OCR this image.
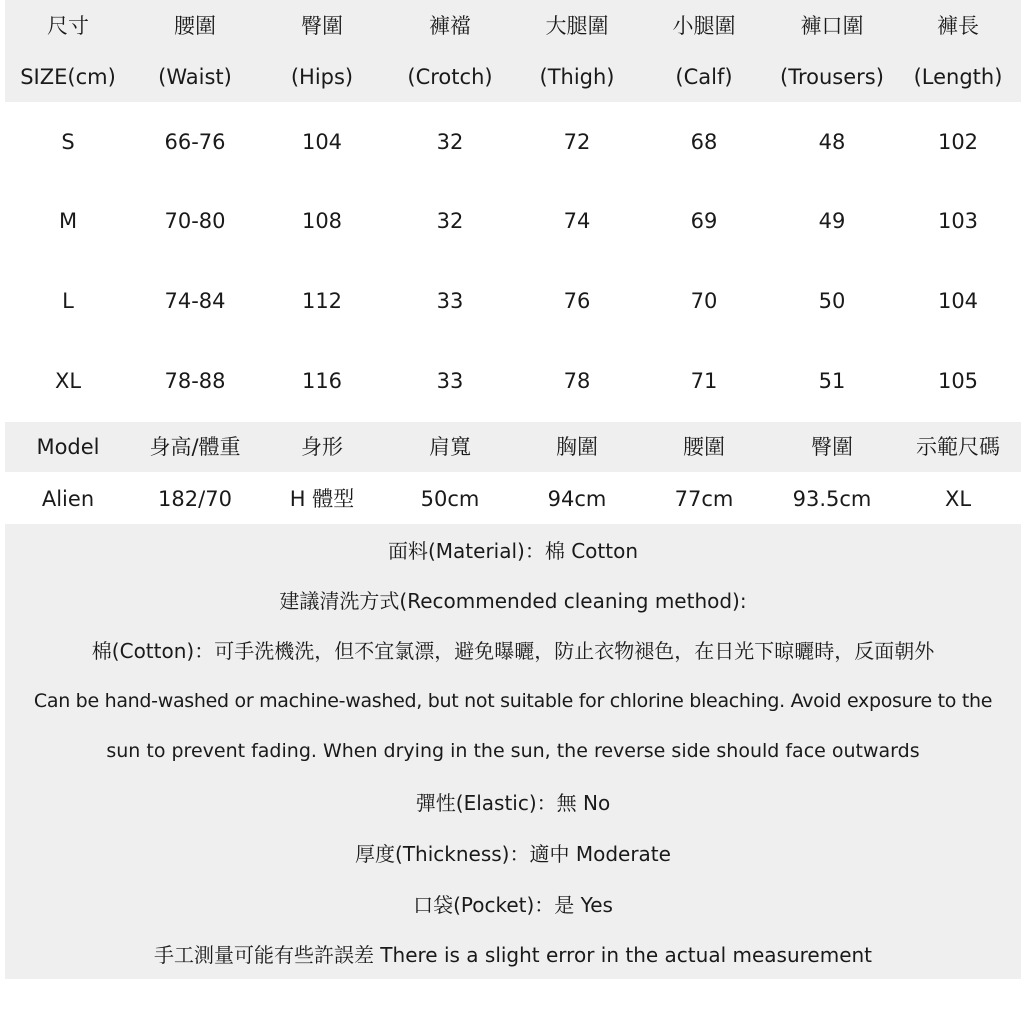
尺寸	腰圍	臀圍	褲襠	大腿圍	小腿圍	褲口圍	褲長
SIZE(cm)	(Waist)	(Hips)	(Crotch)	(Thigh)	(Calf)	(Trousers)	(Length)
S	66-76	104	32	72	68	48	102
M	70-80	108	32	74	69	49	103
L	74-84	112	33	76	70	50	104
XL	78-88	116	33	78	71	51	105
Model	身高/體重	身形	肩寬	胸圍	腰圍	臀圍	示範尺碼
Alien	182/70	H 體型	50cm	94cm	77cm	93.5cm	XL
面料(Material)：棉 Cotton
建議清洗方式(Recommended cleaning method):
棉(Cotton)：可手洗機洗，但不宜氯漂，避免曝曬，防止衣物褪色，在日光下晾曬時，反面朝外
Can be hand-washed or machine-washed, but not suitable for chlorine bleaching. Avoid exposure to the
sun to prevent fading. When drying in the sun, the reverse side should face outwards
彈性(Elastic)：無 No
厚度(Thickness)：適中 Moderate
口袋(Pocket)：是 Yes
手工測量可能有些許誤差 There is a slight error in the actual measurement
